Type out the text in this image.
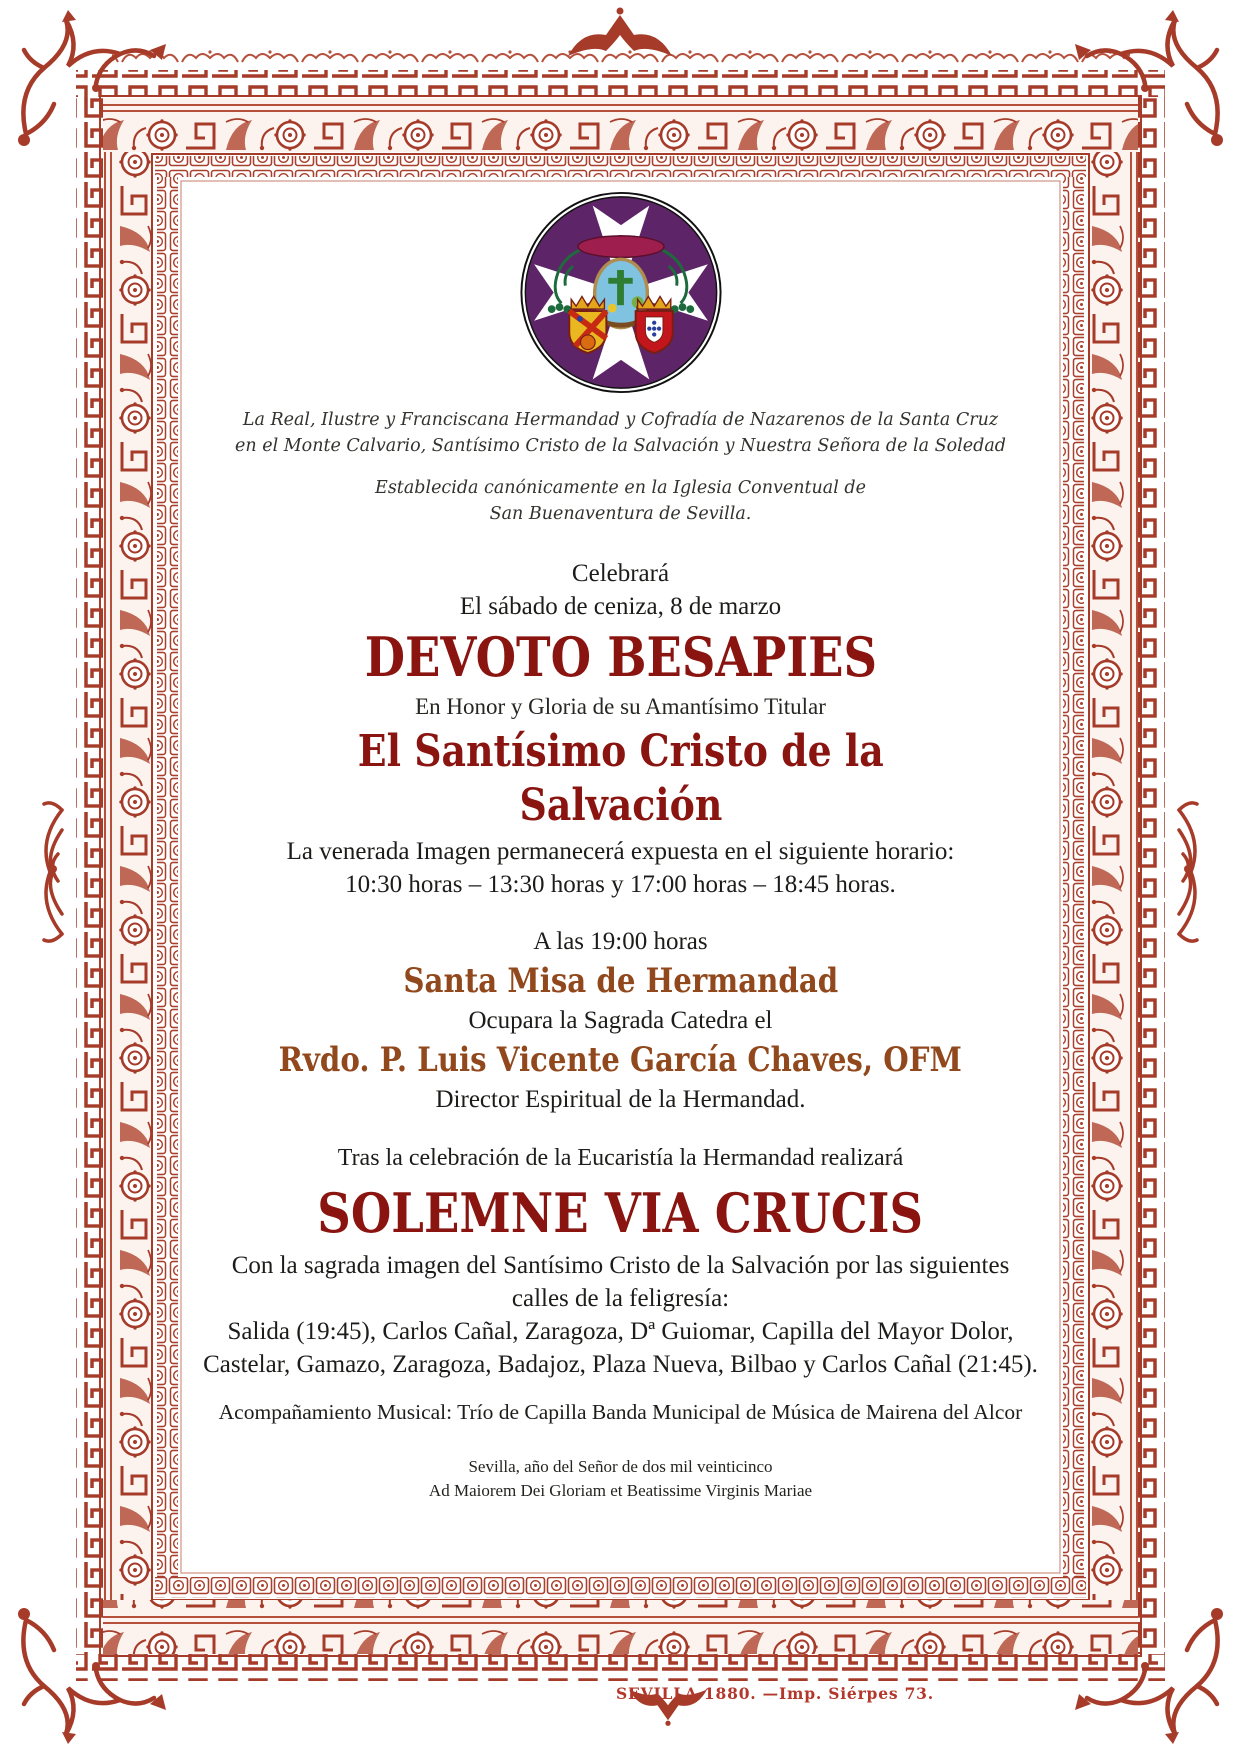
La Real, Ilustre y Franciscana Hermandad y Cofradía de Nazarenos de la Santa Cruz
en el Monte Calvario, Santísimo Cristo de la Salvación y Nuestra Señora de la Soledad
Establecida canónicamente en la Iglesia Conventual de
San Buenaventura de Sevilla.
Celebrará
El sábado de ceniza, 8 de marzo
DEVOTO BESAPIES
En Honor y Gloria de su Amantísimo Titular
El Santísimo Cristo de la
Salvación
La venerada Imagen permanecerá expuesta en el siguiente horario:
10:30 horas – 13:30 horas y 17:00 horas – 18:45 horas.
A las 19:00 horas
Santa Misa de Hermandad
Ocupara la Sagrada Catedra el
Rvdo. P. Luis Vicente García Chaves, OFM
Director Espiritual de la Hermandad.
Tras la celebración de la Eucaristía la Hermandad realizará
SOLEMNE VIA CRUCIS
Con la sagrada imagen del Santísimo Cristo de la Salvación por las siguientes
calles de la feligresía:
Salida (19:45), Carlos Cañal, Zaragoza, Dª Guiomar, Capilla del Mayor Dolor,
Castelar, Gamazo, Zaragoza, Badajoz, Plaza Nueva, Bilbao y Carlos Cañal (21:45).
Acompañamiento Musical: Trío de Capilla Banda Municipal de Música de Mairena del Alcor
Sevilla, año del Señor de dos mil veinticinco
Ad Maiorem Dei Gloriam et Beatissime Virginis Mariae
SEVILLA 1880. —Imp. Siérpes 73.
